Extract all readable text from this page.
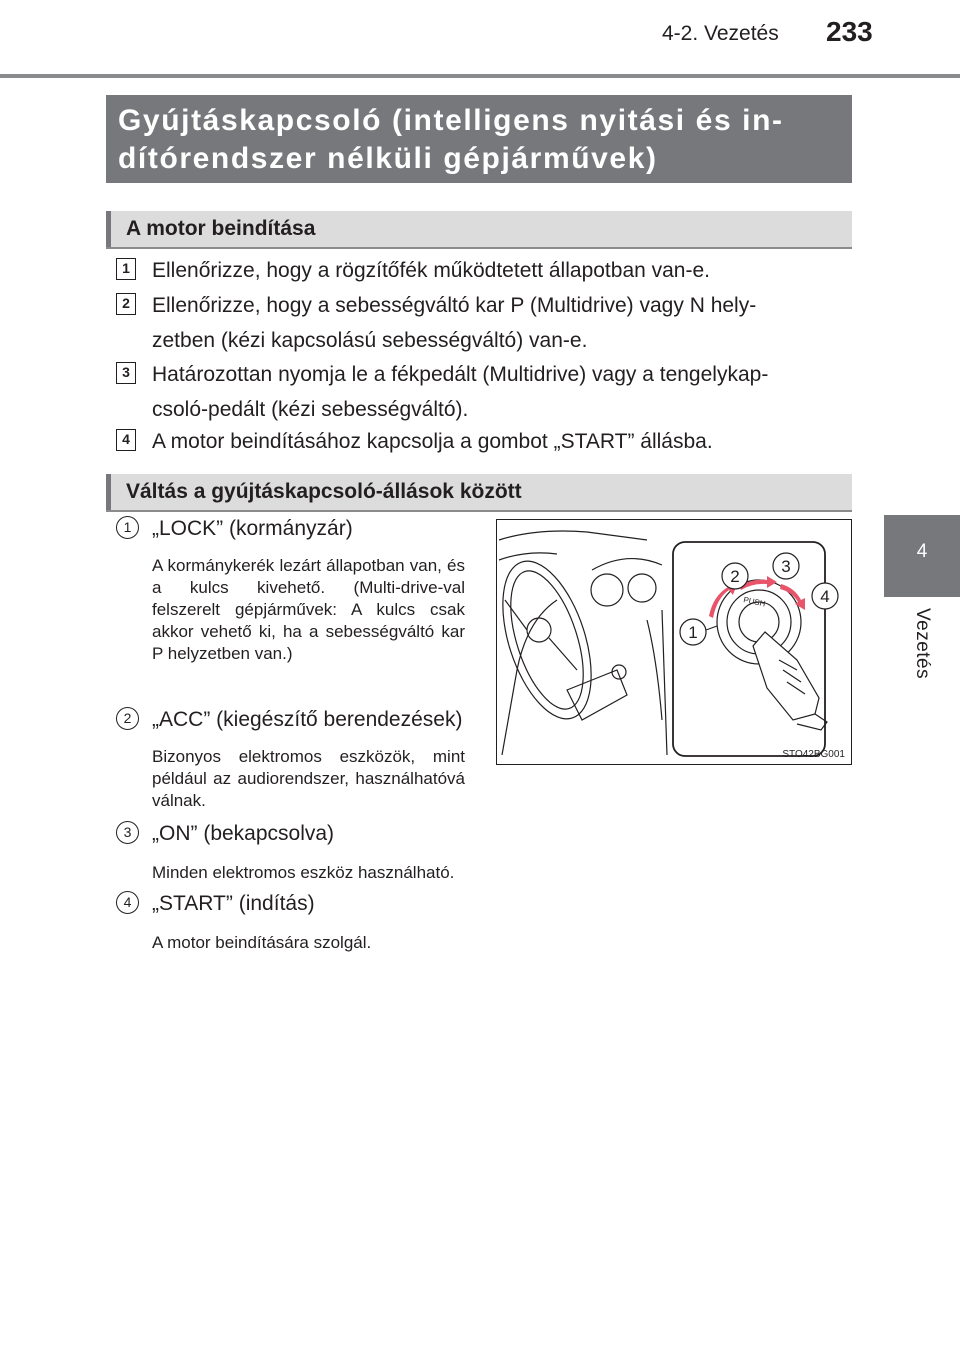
4-2. Vezetés 233
4
Vezetés
Gyújtáskapcsoló (intelligens nyitási és in-
dítórendszer nélküli gépjárművek)
A motor beindítása
1 Ellenőrizze, hogy a rögzítőfék működtetett állapotban van-e.
2 Ellenőrizze, hogy a sebességváltó kar P (Multidrive) vagy N hely-
zetben (kézi kapcsolású sebességváltó) van-e.
3 Határozottan nyomja le a fékpedált (Multidrive) vagy a tengelykap-
csoló-pedált (kézi sebességváltó).
4 A motor beindításához kapcsolja a gombot „START” állásba.
Váltás a gyújtáskapcsoló-állások között
1 „LOCK” (kormányzár)
A kormánykerék lezárt állapotban van, és a kulcs kivehető. (Multi-drive-val felszerelt gépjárművek: A kulcs csak akkor vehető ki, ha a sebességváltó kar P helyzetben van.)
2 „ACC” (kiegészítő berendezések)
Bizonyos elektromos eszközök, mint például az audiorendszer, használhatóvá válnak.
3 „ON” (bekapcsolva)
Minden elektromos eszköz használható.
4 „START” (indítás)
A motor beindítására szolgál.
PUSH
1
2
3
4
STO42BG001
